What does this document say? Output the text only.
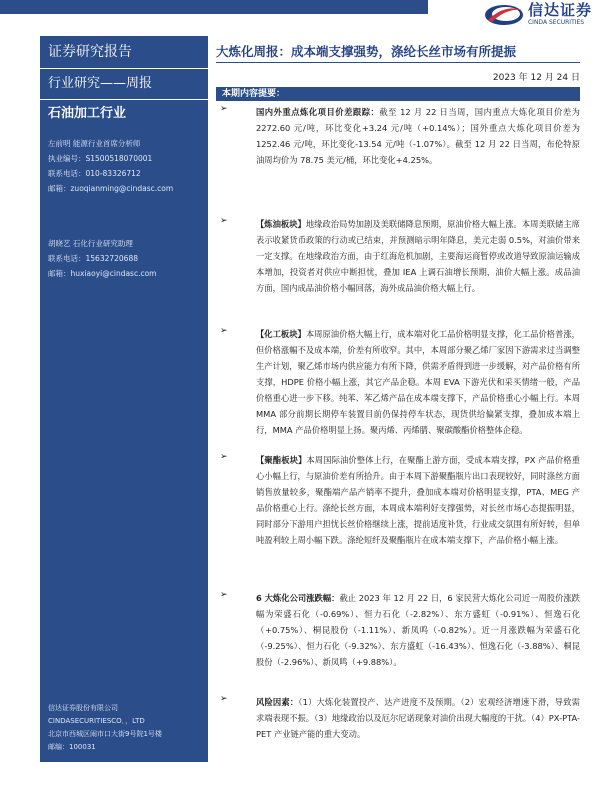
信达证券
CINDA SECURITIES
证券研究报告
行业研究——周报
石油加工行业
左前明 能源行业首席分析师
执业编号：S1500518070001
联系电话：010-83326712
邮箱：zuoqianming@cindasc.com
胡晓艺 石化行业研究助理
联系电话：15632720688
邮箱：huxiaoyi@cindasc.com
信达证券股份有限公司
CINDASECURITIESCO．，LTD
北京市西城区闹市口大街9号院1号楼
邮编：100031
大炼化周报：成本端支撑强势，涤纶长丝市场有所提振
2023 年 12 月 24 日
本期内容提要：
➢	国内外重点炼化项目价差跟踪：截至 12 月 22 日当周，国内重点大炼化项目价差为 2272.60 元/吨，环比变化+3.24 元/吨（+0.14%）；国外重点大炼化项目价差为 1252.46 元/吨，环比变化-13.54 元/吨（-1.07%）。截至 12 月 22 日当周，布伦特原油周均价为 78.75 美元/桶，环比变化+4.25%。
➢	【炼油板块】地缘政治局势加剧及美联储降息预期，原油价格大幅上涨。本周美联储主席表示收紧货币政策的行动或已结束，并预测暗示明年降息，美元走弱 0.5%，对油价带来一定支撑。在地缘政治方面，由于红海危机加剧，主要海运商暂停或改道导致原油运输成本增加，投资者对供应中断担忧，叠加 IEA 上调石油增长预期，油价大幅上涨。成品油方面，国内成品油价格小幅回落，海外成品油价格大幅上行。
➢	【化工板块】本周原油价格大幅上行，成本端对化工品价格明显支撑，化工品价格普涨，但价格涨幅不及成本端，价差有所收窄。其中，本周部分聚乙烯厂家因下游需求过当调整生产计划，聚乙烯市场内供应能力有所下降，供需矛盾得到进一步缓解，对产品价格有所支撑，HDPE 价格小幅上涨，其它产品企稳。本周 EVA 下游光伏和采买情绪一般，产品价格重心进一步下移。纯苯、苯乙烯产品在成本端支撑下，产品价格重心小幅上行。本周 MMA 部分前期长期停车装置目前仍保持停车状态，现货供给偏紧支撑，叠加成本端上行，MMA 产品价格明显上扬。聚丙烯、丙烯腈、聚碳酸酯价格整体企稳。
➢	【聚酯板块】本周国际油价整体上行，在聚酯上游方面，受成本端支撑，PX 产品价格重心小幅上行，与原油价差有所拾升。由于本周下游聚酯瓶片出口表现较好，同时涤丝方面销售放量较多，聚酯端产品产销率不提升，叠加成本端对价格明显支撑，PTA、MEG 产品价格重心上行。涤纶长丝方面，本周成本端利好支撑强势，对长丝市场心态提振明显，同时部分下游用户担忧长丝价格继续上涨，提前适度补货，行业成交氛围有所好转，但单吨盈利较上周小幅下跌。涤纶短纤及聚酯瓶片在成本端支撑下，产品价格小幅上涨。
➢	6 大炼化公司涨跌幅：截止 2023 年 12 月 22 日，6 家民营大炼化公司近一周股价涨跌幅为荣盛石化（-0.69%）、恒力石化（-2.82%）、东方盛虹（-0.91%）、恒逸石化（+0.75%）、桐昆股份（-1.11%）、新凤鸣（-0.82%）。近一月涨跌幅为荣盛石化（-9.25%）、恒力石化（-9.32%）、东方盛虹（-16.43%）、恒逸石化（-3.88%）、桐昆股份（-2.96%）、新凤鸣（+9.88%）。
➢	风险因素：（1）大炼化装置投产、达产进度不及预期。（2）宏观经济增速下滑，导致需求端表现不振。（3）地缘政治以及厄尔尼诺现象对油价出现大幅度的干扰。（4）PX-PTA-PET 产业链产能的重大变动。
